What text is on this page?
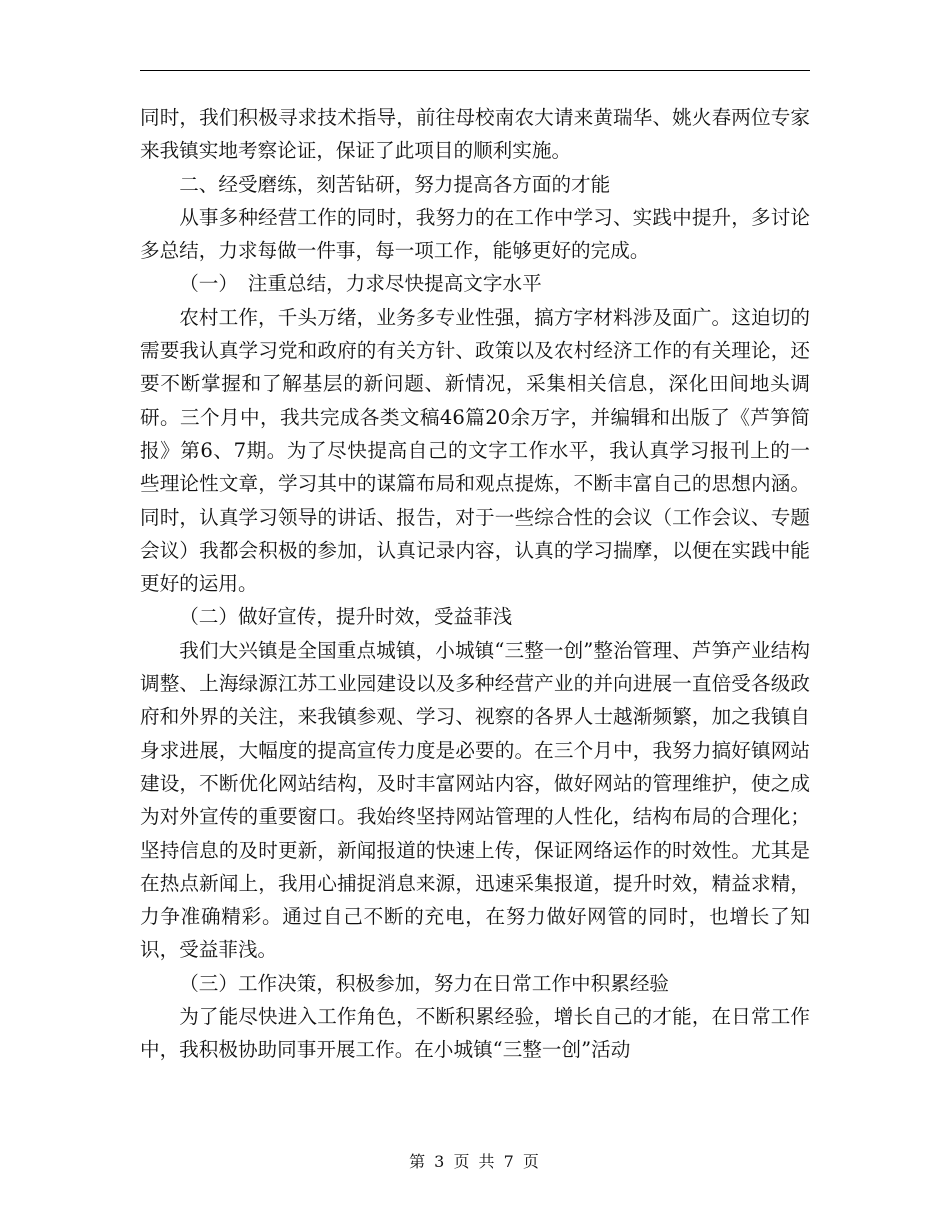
同时，我们积极寻求技术指导，前往母校南农大请来黄瑞华、姚火春两位专家来我镇实地考察论证，保证了此项目的顺利实施。

二、经受磨练，刻苦钻研，努力提高各方面的才能

从事多种经营工作的同时，我努力的在工作中学习、实践中提升，多讨论多总结，力求每做一件事，每一项工作，能够更好的完成。

（一）　注重总结，力求尽快提高文字水平

农村工作，千头万绪，业务多专业性强，搞方字材料涉及面广。这迫切的需要我认真学习党和政府的有关方针、政策以及农村经济工作的有关理论，还要不断掌握和了解基层的新问题、新情况，采集相关信息，深化田间地头调研。三个月中，我共完成各类文稿46篇20余万字，并编辑和出版了《芦笋简报》第6、7期。为了尽快提高自己的文字工作水平，我认真学习报刊上的一些理论性文章，学习其中的谋篇布局和观点提炼，不断丰富自己的思想内涵。同时，认真学习领导的讲话、报告，对于一些综合性的会议（工作会议、专题会议）我都会积极的参加，认真记录内容，认真的学习揣摩，以便在实践中能更好的运用。

（二）做好宣传，提升时效，受益菲浅

我们大兴镇是全国重点城镇，小城镇“三整一创”整治管理、芦笋产业结构调整、上海绿源江苏工业园建设以及多种经营产业的并向进展一直倍受各级政府和外界的关注，来我镇参观、学习、视察的各界人士越渐频繁，加之我镇自身求进展，大幅度的提高宣传力度是必要的。在三个月中，我努力搞好镇网站建设，不断优化网站结构，及时丰富网站内容，做好网站的管理维护，使之成为对外宣传的重要窗口。我始终坚持网站管理的人性化，结构布局的合理化；坚持信息的及时更新，新闻报道的快速上传，保证网络运作的时效性。尤其是在热点新闻上，我用心捕捉消息来源，迅速采集报道，提升时效，精益求精，力争准确精彩。通过自己不断的充电，在努力做好网管的同时，也增长了知识，受益菲浅。

（三）工作决策，积极参加，努力在日常工作中积累经验

为了能尽快进入工作角色，不断积累经验，增长自己的才能，在日常工作中，我积极协助同事开展工作。在小城镇“三整一创”活动

第 3 页 共 7 页
